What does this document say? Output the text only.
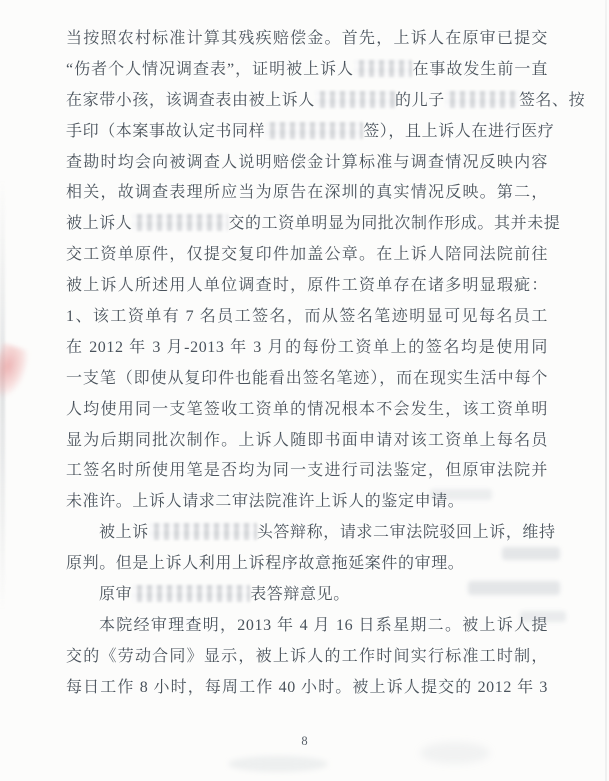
当按照农村标准计算其残疾赔偿金。首先，上诉人在原审已提交
“伤者个人情况调查表”，证明被上诉人	在事故发生前一直
在家带小孩，该调查表由被上诉人	的儿子	签名、按
手印（本案事故认定书同样	签），且上诉人在进行医疗
查勘时均会向被调查人说明赔偿金计算标准与调查情况反映内容
相关，故调查表理所应当为原告在深圳的真实情况反映。第二，
被上诉人	交的工资单明显为同批次制作形成。其并未提
交工资单原件，仅提交复印件加盖公章。在上诉人陪同法院前往
被上诉人所述用人单位调查时，原件工资单存在诸多明显瑕疵：
1、该工资单有 7 名员工签名，而从签名笔迹明显可见每名员工
在 2012 年 3 月-2013 年 3 月的每份工资单上的签名均是使用同
一支笔（即使从复印件也能看出签名笔迹），而在现实生活中每个
人均使用同一支笔签收工资单的情况根本不会发生，该工资单明
显为后期同批次制作。上诉人随即书面申请对该工资单上每名员
工签名时所使用笔是否均为同一支进行司法鉴定，但原审法院并
未准许。上诉人请求二审法院准许上诉人的鉴定申请。
被上诉	头答辩称，请求二审法院驳回上诉，维持
原判。但是上诉人利用上诉程序故意拖延案件的审理。
原审	表答辩意见。
本院经审理查明，2013 年 4 月 16 日系星期二。被上诉人提
交的《劳动合同》显示，被上诉人的工作时间实行标准工时制，
每日工作 8 小时，每周工作 40 小时。被上诉人提交的 2012 年 3
8
